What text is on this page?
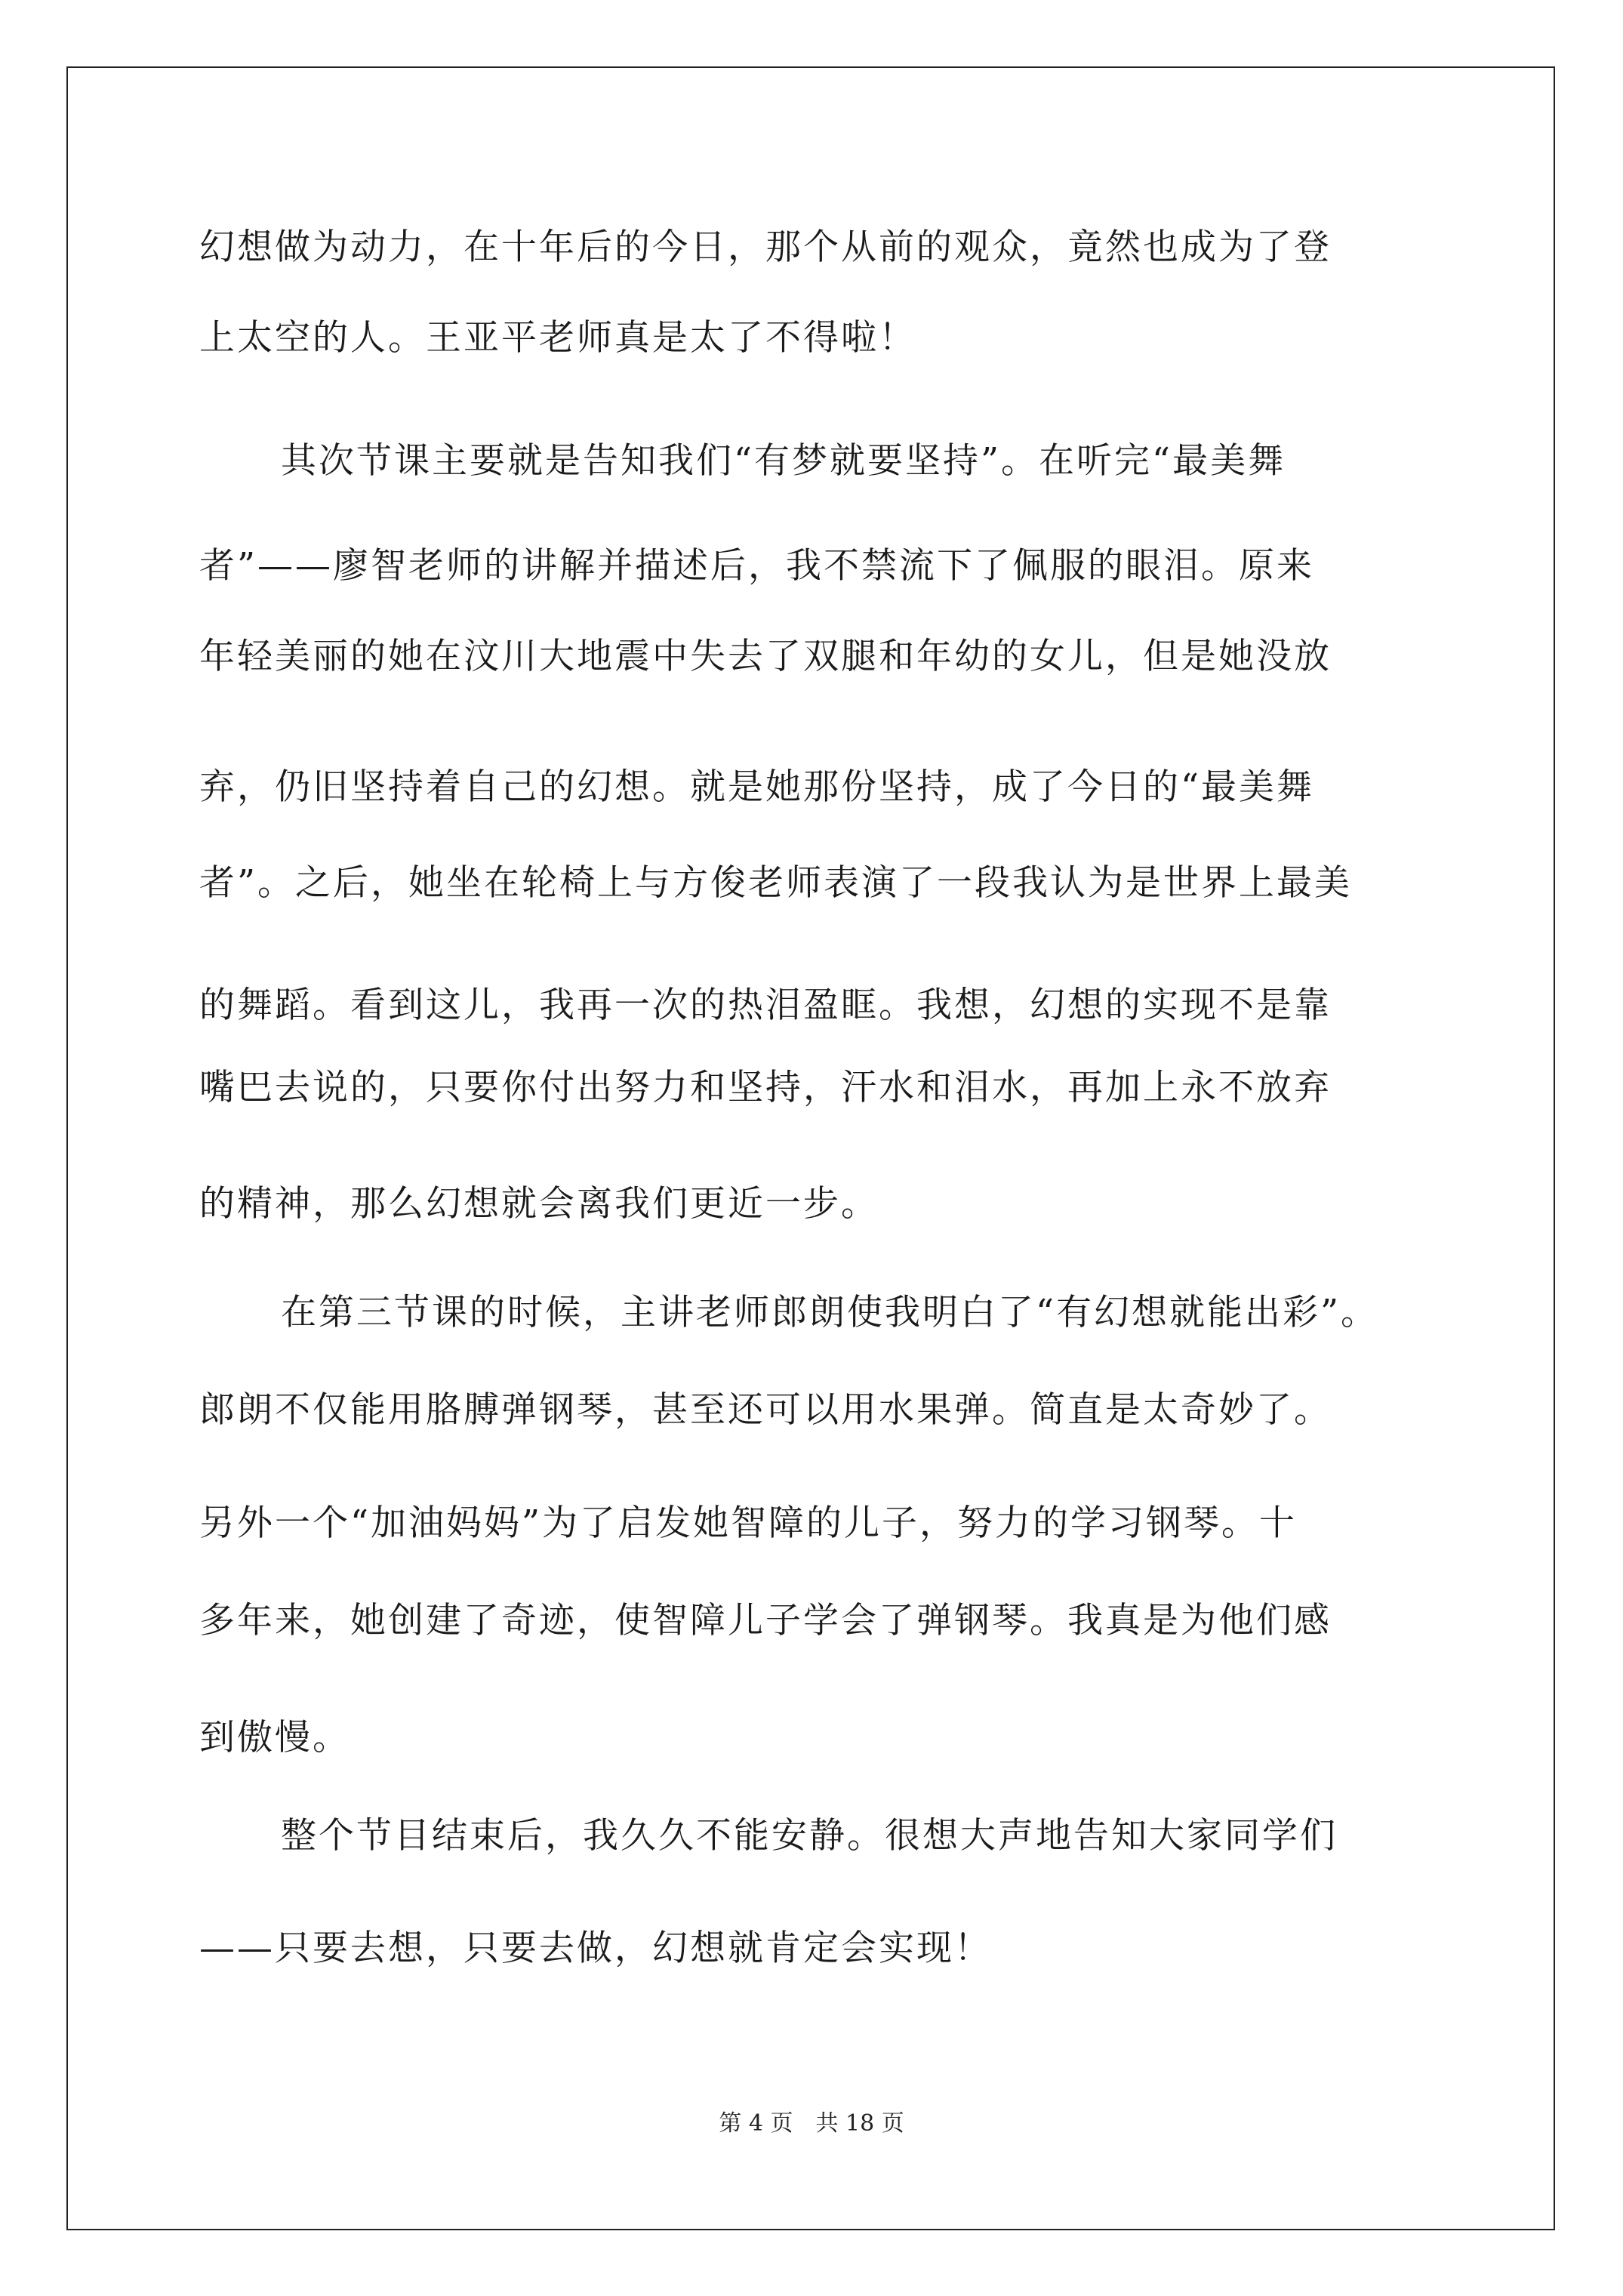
幻想做为动力，在十年后的今日，那个从前的观众，竟然也成为了登

上太空的人。王亚平老师真是太了不得啦！

其次节课主要就是告知我们“有梦就要坚持”。在听完“最美舞

者”——廖智老师的讲解并描述后，我不禁流下了佩服的眼泪。原来

年轻美丽的她在汶川大地震中失去了双腿和年幼的女儿，但是她没放

弃，仍旧坚持着自己的幻想。就是她那份坚持，成了今日的“最美舞

者”。之后，她坐在轮椅上与方俊老师表演了一段我认为是世界上最美

的舞蹈。看到这儿，我再一次的热泪盈眶。我想，幻想的实现不是靠

嘴巴去说的，只要你付出努力和坚持，汗水和泪水，再加上永不放弃

的精神，那么幻想就会离我们更近一步。

在第三节课的时候，主讲老师郎朗使我明白了“有幻想就能出彩”。

郎朗不仅能用胳膊弹钢琴，甚至还可以用水果弹。简直是太奇妙了。

另外一个“加油妈妈”为了启发她智障的儿子，努力的学习钢琴。十

多年来，她创建了奇迹，使智障儿子学会了弹钢琴。我真是为他们感

到傲慢。

整个节目结束后，我久久不能安静。很想大声地告知大家同学们

——只要去想，只要去做，幻想就肯定会实现！

第 4 页　共 18 页
